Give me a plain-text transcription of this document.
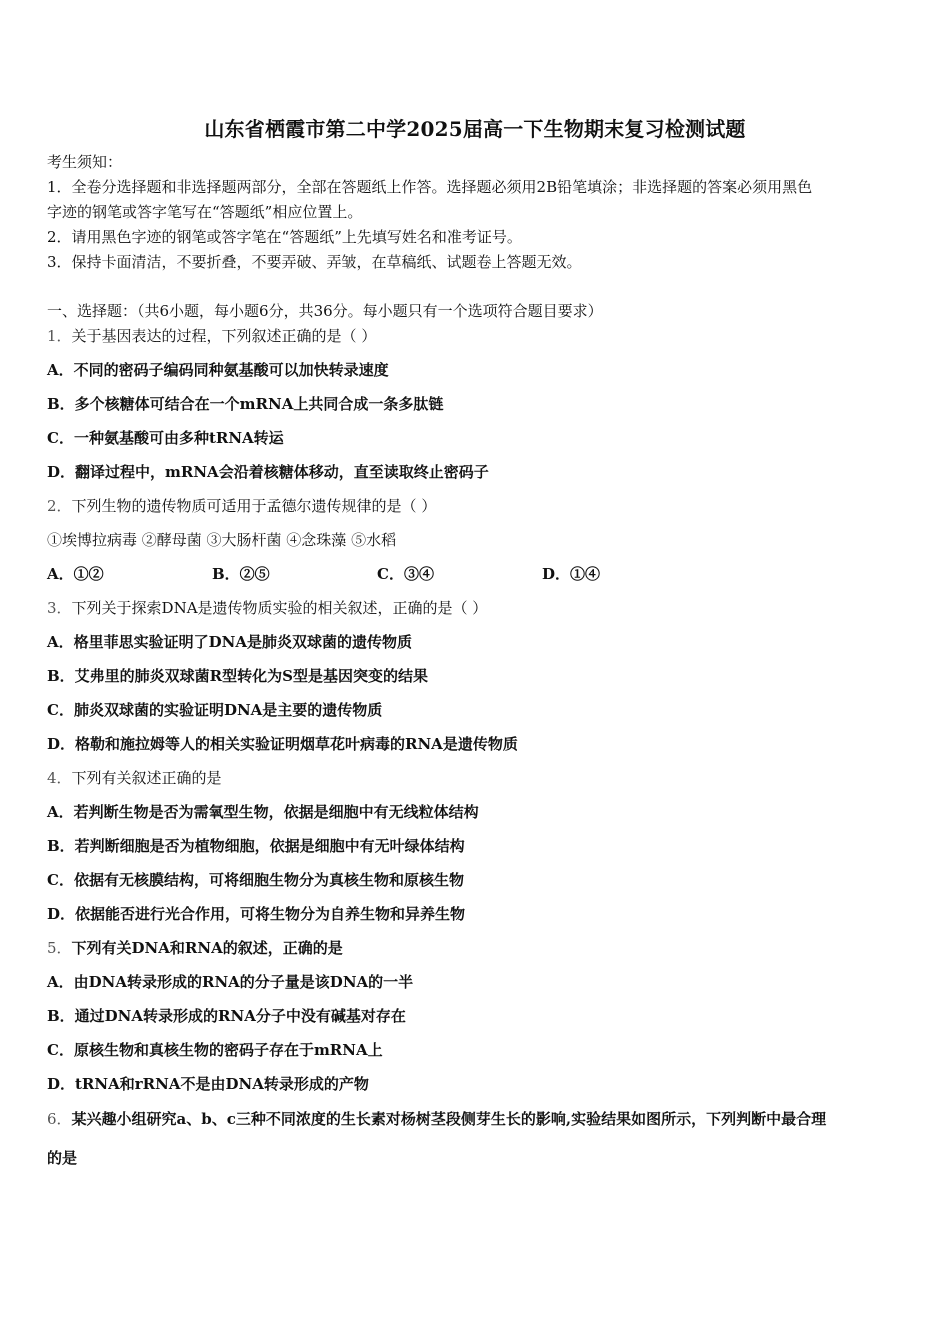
山东省栖霞市第二中学2025届高一下生物期末复习检测试题
考生须知：
1．全卷分选择题和非选择题两部分，全部在答题纸上作答。选择题必须用2B铅笔填涂；非选择题的答案必须用黑色
字迹的钢笔或答字笔写在“答题纸”相应位置上。
2．请用黑色字迹的钢笔或答字笔在“答题纸”上先填写姓名和准考证号。
3．保持卡面清洁，不要折叠，不要弄破、弄皱，在草稿纸、试题卷上答题无效。
一、选择题：（共6小题，每小题6分，共36分。每小题只有一个选项符合题目要求）
1．关于基因表达的过程，下列叙述正确的是（ ）
A．不同的密码子编码同种氨基酸可以加快转录速度
B．多个核糖体可结合在一个mRNA上共同合成一条多肽链
C．一种氨基酸可由多种tRNA转运
D．翻译过程中，mRNA会沿着核糖体移动，直至读取终止密码子
2．下列生物的遗传物质可适用于孟德尔遗传规律的是（ ）
①埃博拉病毒 ②酵母菌 ③大肠杆菌 ④念珠藻 ⑤水稻
A．①②	B．②⑤	C．③④	D．①④
3．下列关于探索DNA是遗传物质实验的相关叙述，正确的是（ ）
A．格里菲思实验证明了DNA是肺炎双球菌的遗传物质
B．艾弗里的肺炎双球菌R型转化为S型是基因突变的结果
C．肺炎双球菌的实验证明DNA是主要的遗传物质
D．格勒和施拉姆等人的相关实验证明烟草花叶病毒的RNA是遗传物质
4．下列有关叙述正确的是
A．若判断生物是否为需氧型生物，依据是细胞中有无线粒体结构
B．若判断细胞是否为植物细胞，依据是细胞中有无叶绿体结构
C．依据有无核膜结构，可将细胞生物分为真核生物和原核生物
D．依据能否进行光合作用，可将生物分为自养生物和异养生物
5．下列有关DNA和RNA的叙述，正确的是
A．由DNA转录形成的RNA的分子量是该DNA的一半
B．通过DNA转录形成的RNA分子中没有碱基对存在
C．原核生物和真核生物的密码子存在于mRNA上
D．tRNA和rRNA不是由DNA转录形成的产物
6．某兴趣小组研究a、b、c三种不同浓度的生长素对杨树茎段侧芽生长的影响,实验结果如图所示，下列判断中最合理
的是
